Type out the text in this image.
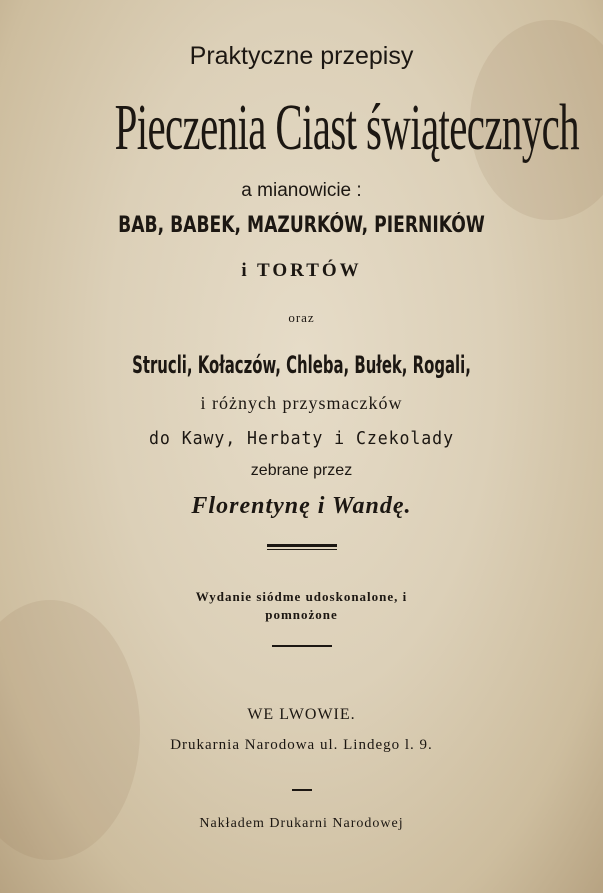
Praktyczne przepisy
Pieczenia Ciast świątecznych
a mianowicie :
BAB, BABEK, MAZURKÓW, PIERNIKÓW
i TORTÓW
oraz
Strucli, Kołaczów, Chleba, Bułek, Rogali,
i różnych przysmaczków
do Kawy, Herbaty i Czekolady
zebrane przez
Florentynę i Wandę.
Wydanie siódme udoskonalone, i
pomnożone
WE LWOWIE.
Drukarnia Narodowa ul. Lindego l. 9.
Nakładem Drukarni Narodowej
